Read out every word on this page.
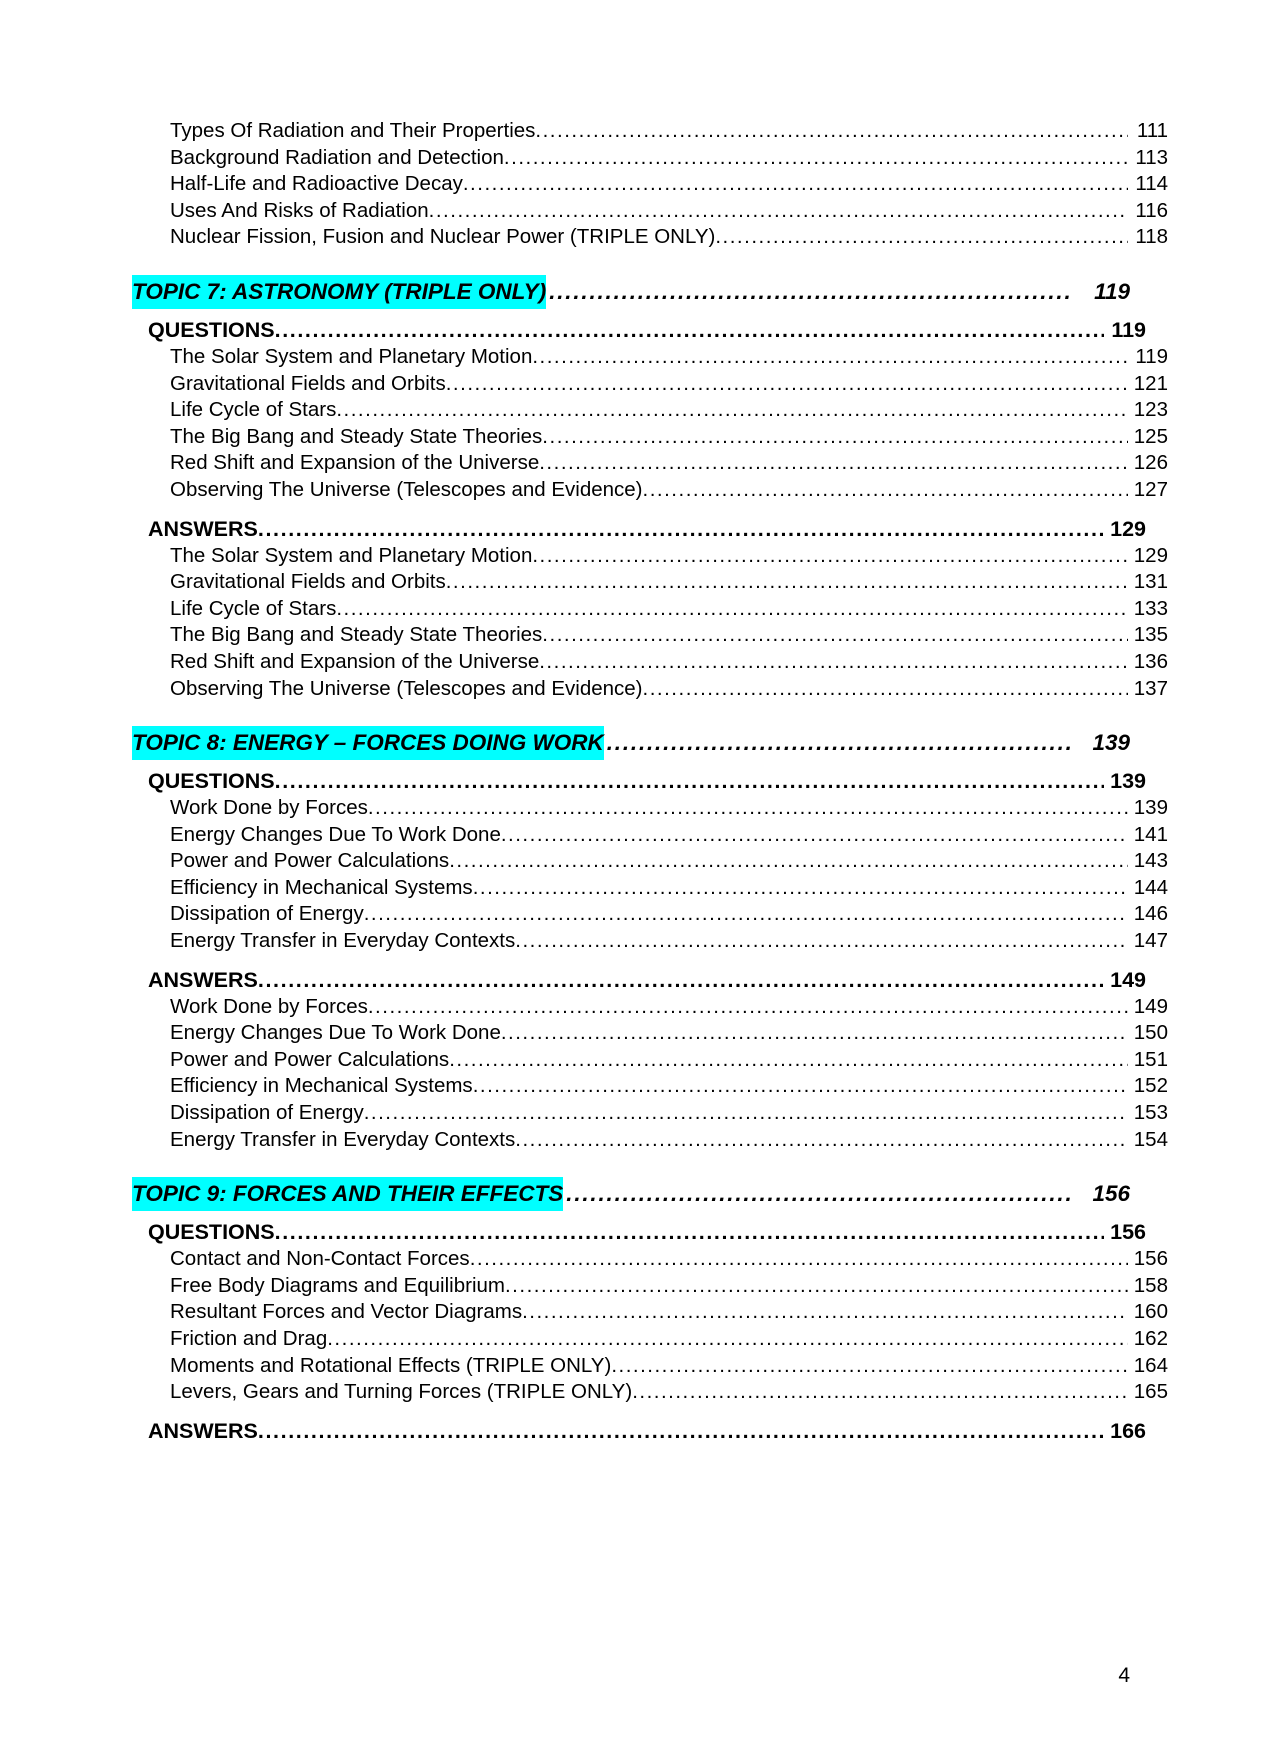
Types Of Radiation and Their Properties .....	111
Background Radiation and Detection .....	113
Half-Life and Radioactive Decay .....	114
Uses And Risks of Radiation .....	116
Nuclear Fission, Fusion and Nuclear Power (TRIPLE ONLY) .....	118
TOPIC 7: ASTRONOMY (TRIPLE ONLY) .....	119
QUESTIONS .....	119
The Solar System and Planetary Motion .....	119
Gravitational Fields and Orbits .....	121
Life Cycle of Stars .....	123
The Big Bang and Steady State Theories .....	125
Red Shift and Expansion of the Universe .....	126
Observing The Universe (Telescopes and Evidence) .....	127
ANSWERS .....	129
The Solar System and Planetary Motion .....	129
Gravitational Fields and Orbits .....	131
Life Cycle of Stars .....	133
The Big Bang and Steady State Theories .....	135
Red Shift and Expansion of the Universe .....	136
Observing The Universe (Telescopes and Evidence) .....	137
TOPIC 8: ENERGY – FORCES DOING WORK .....	139
QUESTIONS .....	139
Work Done by Forces .....	139
Energy Changes Due To Work Done .....	141
Power and Power Calculations .....	143
Efficiency in Mechanical Systems .....	144
Dissipation of Energy .....	146
Energy Transfer in Everyday Contexts .....	147
ANSWERS .....	149
Work Done by Forces .....	149
Energy Changes Due To Work Done .....	150
Power and Power Calculations .....	151
Efficiency in Mechanical Systems .....	152
Dissipation of Energy .....	153
Energy Transfer in Everyday Contexts .....	154
TOPIC 9: FORCES AND THEIR EFFECTS .....	156
QUESTIONS .....	156
Contact and Non-Contact Forces .....	156
Free Body Diagrams and Equilibrium .....	158
Resultant Forces and Vector Diagrams .....	160
Friction and Drag .....	162
Moments and Rotational Effects (TRIPLE ONLY) .....	164
Levers, Gears and Turning Forces (TRIPLE ONLY) .....	165
ANSWERS .....	166
4
